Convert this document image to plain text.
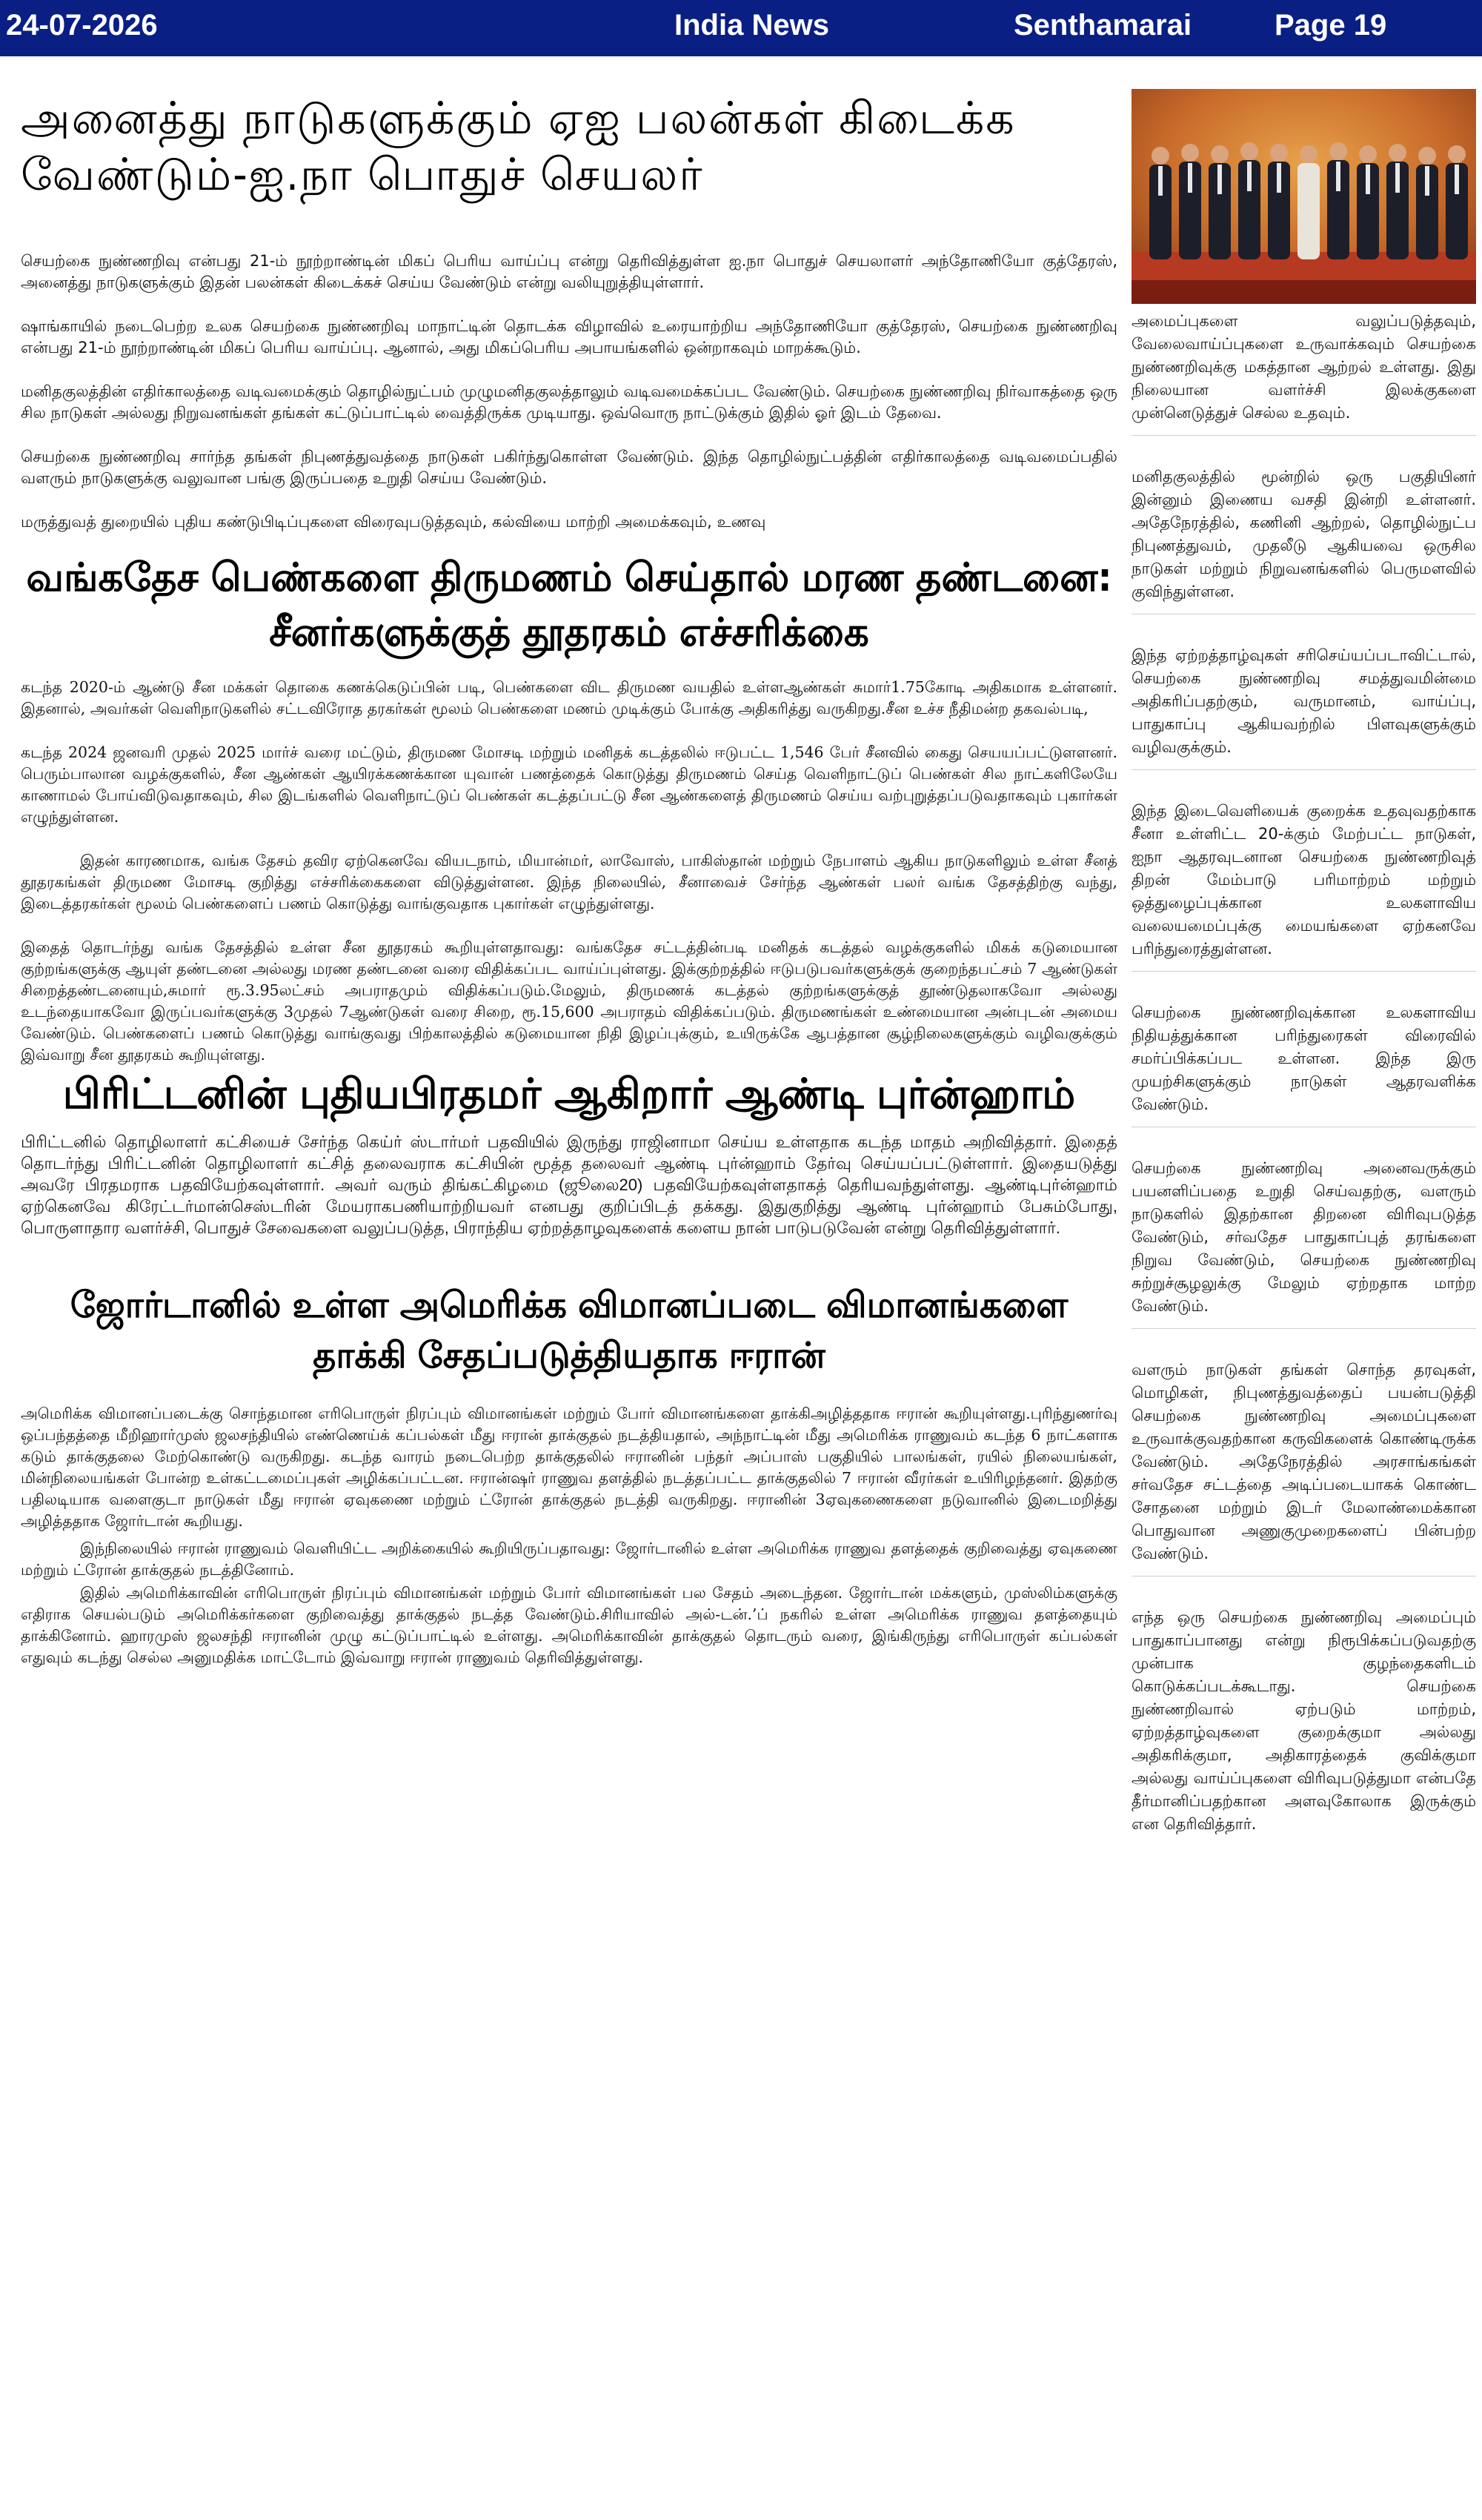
24-07-2026	India News	Senthamarai	Page 19
அனைத்து நாடுகளுக்கும் ஏஐ பலன்கள் கிடைக்க வேண்டும்-ஐ.நா பொதுச் செயலர்

செயற்கை நுண்ணறிவு என்பது 21-ம் நூற்றாண்டின் மிகப் பெரிய வாய்ப்பு என்று தெரிவித்துள்ள ஐ.நா பொதுச் செயலாளர் அந்தோணியோ குத்தேரஸ், அனைத்து நாடுகளுக்கும் இதன் பலன்கள் கிடைக்கச் செய்ய வேண்டும் என்று வலியுறுத்தியுள்ளார்.

ஷாங்காயில் நடைபெற்ற உலக செயற்கை நுண்ணறிவு மாநாட்டின் தொடக்க விழாவில் உரையாற்றிய அந்தோணியோ குத்தேரஸ், செயற்கை நுண்ணறிவு என்பது 21-ம் நூற்றாண்டின் மிகப் பெரிய வாய்ப்பு. ஆனால், அது மிகப்பெரிய அபாயங்களில் ஒன்றாகவும் மாறக்கூடும்.

மனிதகுலத்தின் எதிர்காலத்தை வடிவமைக்கும் தொழில்நுட்பம் முழுமனிதகுலத்தாலும் வடிவமைக்கப்பட வேண்டும். செயற்கை நுண்ணறிவு நிர்வாகத்தை ஒரு சில நாடுகள் அல்லது நிறுவனங்கள் தங்கள் கட்டுப்பாட்டில் வைத்திருக்க முடியாது. ஒவ்வொரு நாட்டுக்கும் இதில் ஓர் இடம் தேவை.

செயற்கை நுண்ணறிவு சார்ந்த தங்கள் நிபுணத்துவத்தை நாடுகள் பகிர்ந்துகொள்ள வேண்டும். இந்த தொழில்நுட்பத்தின் எதிர்காலத்தை வடிவமைப்பதில் வளரும் நாடுகளுக்கு வலுவான பங்கு இருப்பதை உறுதி செய்ய வேண்டும்.

மருத்துவத் துறையில் புதிய கண்டுபிடிப்புகளை விரைவுபடுத்தவும், கல்வியை மாற்றி அமைக்கவும், உணவு

வங்கதேச பெண்களை திருமணம் செய்தால் மரண தண்டனை: சீனர்களுக்குத் தூதரகம் எச்சரிக்கை

கடந்த 2020-ம் ஆண்டு சீன மக்கள் தொகை கணக்கெடுப்பின் படி, பெண்களை விட திருமண வயதில் உள்ளஆண்கள் சுமார்1.75கோடி அதிகமாக உள்ளனர். இதனால், அவர்கள் வெளிநாடுகளில் சட்டவிரோத தரகர்கள் மூலம் பெண்களை மணம் முடிக்கும் போக்கு அதிகரித்து வருகிறது.சீன உச்ச நீதிமன்ற தகவல்படி,

கடந்த 2024 ஜனவரி முதல் 2025 மார்ச் வரை மட்டும், திருமண மோசடி மற்றும் மனிதக் கடத்தலில் ஈடுபட்ட 1,546 பேர் சீனவில் கைது செயயப்பட்டுளளனர். பெரும்பாலான வழக்குகளில், சீன ஆண்கள் ஆயிரக்கணக்கான யுவான் பணத்தைக் கொடுத்து திருமணம் செய்த வெளிநாட்டுப் பெண்கள் சில நாட்களிலேயே காணாமல் போய்விடுவதாகவும், சில இடங்களில் வெளிநாட்டுப் பெண்கள் கடத்தப்பட்டு சீன ஆண்களைத் திருமணம் செய்ய வற்புறுத்தப்படுவதாகவும் புகார்கள் எழுந்துள்ளன.

இதன் காரணமாக, வங்க தேசம் தவிர ஏற்கெனவே வியடநாம், மியான்மர், லாவோஸ், பாகிஸ்தான் மற்றும் நேபாளம் ஆகிய நாடுகளிலும் உள்ள சீனத் தூதரகங்கள் திருமண மோசடி குறித்து எச்சரிக்கைகளை விடுத்துள்ளன. இந்த நிலையில், சீனாவைச் சேர்ந்த ஆண்கள் பலர் வங்க தேசத்திற்கு வந்து, இடைத்தரகர்கள் மூலம் பெண்களைப் பணம் கொடுத்து வாங்குவதாக புகார்கள் எழுந்துள்ளது.

இதைத் தொடர்ந்து வங்க தேசத்தில் உள்ள சீன தூதரகம் கூறியுள்ளதாவது: வங்கதேச சட்டத்தின்படி மனிதக் கடத்தல் வழக்குகளில் மிகக் கடுமையான குற்றங்களுக்கு ஆயுள் தண்டனை அல்லது மரண தண்டனை வரை விதிக்கப்பட வாய்ப்புள்ளது. இக்குற்றத்தில் ஈடுபடுபவர்களுக்குக் குறைந்தபட்சம் 7 ஆண்டுகள் சிறைத்தண்டனையும்,சுமார் ரூ.3.95லட்சம் அபராதமும் விதிக்கப்படும்.மேலும், திருமணக் கடத்தல் குற்றங்களுக்குத் தூண்டுதலாகவோ அல்லது உடந்தையாகவோ இருப்பவர்களுக்கு 3முதல் 7ஆண்டுகள் வரை சிறை, ரூ.15,600 அபராதம் விதிக்கப்படும். திருமணங்கள் உண்மையான அன்புடன் அமைய வேண்டும். பெண்களைப் பணம் கொடுத்து வாங்குவது பிற்காலத்தில் கடுமையான நிதி இழப்புக்கும், உயிருக்கே ஆபத்தான சூழ்நிலைகளுக்கும் வழிவகுக்கும் இவ்வாறு சீன தூதரகம் கூறியுள்ளது.

பிரிட்டனின் புதியபிரதமர் ஆகிறார் ஆண்டி புர்ன்ஹாம்

பிரிட்டனில் தொழிலாளர் கட்சியைச் சேர்ந்த கெய்ர் ஸ்டார்மர் பதவியில் இருந்து ராஜினாமா செய்ய உள்ளதாக கடந்த மாதம் அறிவித்தார். இதைத் தொடர்ந்து பிரிட்டனின் தொழிலாளர் கட்சித் தலைவராக கட்சியின் மூத்த தலைவர் ஆண்டி புர்ன்ஹாம் தேர்வு செய்யப்பட்டுள்ளார். இதையடுத்து அவரே பிரதமராக பதவியேற்கவுள்ளார். அவர் வரும் திங்கட்கிழமை (ஜூலை20) பதவியேற்கவுள்ளதாகத் தெரியவந்துள்ளது. ஆண்டிபுர்ன்ஹாம் ஏற்கெனவே கிரேட்டர்மான்செஸ்டரின் மேயராகபணியாற்றியவர் எனபது குறிப்பிடத் தக்கது. இதுகுறித்து ஆண்டி புர்ன்ஹாம் பேசும்போது, பொருளாதார வளர்ச்சி, பொதுச் சேவைகளை வலுப்படுத்த, பிராந்திய ஏற்றத்தாழவுகளைக் களைய நான் பாடுபடுவேன் என்று தெரிவித்துள்ளார்.

ஜோர்டானில் உள்ள அமெரிக்க விமானப்படை விமானங்களை தாக்கி சேதப்படுத்தியதாக ஈரான்

அமெரிக்க விமானப்படைக்கு சொந்தமான எரிபொருள் நிரப்பும் விமானங்கள் மற்றும் போர் விமானங்களை தாக்கிஅழித்ததாக ஈரான் கூறியுள்ளது.புரிந்துணர்வு ஒப்பந்தத்தை மீறிஹார்முஸ் ஜலசந்தியில் எண்ணெய்க் கப்பல்கள் மீது ஈரான் தாக்குதல் நடத்தியதால், அந்நாட்டின் மீது அமெரிக்க ராணுவம் கடந்த 6 நாட்களாக கடும் தாக்குதலை மேற்கொண்டு வருகிறது. கடந்த வாரம் நடைபெற்ற தாக்குதலில் ஈரானின் பந்தர் அப்பாஸ் பகுதியில் பாலங்கள், ரயில் நிலையங்கள், மின்நிலையங்கள் போன்ற உள்கட்டமைப்புகள் அழிக்கப்பட்டன. ஈரான்ஷர் ராணுவ தளத்தில் நடத்தப்பட்ட தாக்குதலில் 7 ஈரான் வீரர்கள் உயிரிழந்தனர். இதற்கு பதிலடியாக வளைகுடா நாடுகள் மீது ஈரான் ஏவுகணை மற்றும் ட்ரோன் தாக்குதல் நடத்தி வருகிறது. ஈரானின் 3ஏவுகணைகளை நடுவானில் இடைமறித்து அழித்ததாக ஜோர்டான் கூறியது.

இந்நிலையில் ஈரான் ராணுவம் வெளியிட்ட அறிக்கையில் கூறியிருப்பதாவது: ஜோர்டானில் உள்ள அமெரிக்க ராணுவ தளத்தைக் குறிவைத்து ஏவுகணை மற்றும் ட்ரோன் தாக்குதல் நடத்தினோம்.

இதில் அமெரிக்காவின் எரிபொருள் நிரப்பும் விமானங்கள் மற்றும் போர் விமானங்கள் பல சேதம் அடைந்தன. ஜோர்டான் மக்களும், முஸ்லிம்களுக்கு எதிராக செயல்படும் அமெரிக்கர்களை குறிவைத்து தாக்குதல் நடத்த வேண்டும்.சிரியாவில் அல்-டன்.’ப் நகரில் உள்ள அமெரிக்க ராணுவ தளத்தையும் தாக்கினோம். ஹாரமுஸ் ஜலசந்தி ஈரானின் முழு கட்டுப்பாட்டில் உள்ளது. அமெரிக்காவின் தாக்குதல் தொடரும் வரை, இங்கிருந்து எரிபொருள் கப்பல்கள் எதுவும் கடந்து செல்ல அனுமதிக்க மாட்டோம் இவ்வாறு ஈரான் ராணுவம் தெரிவித்துள்ளது.

அமைப்புகளை வலுப்படுத்தவும், வேலைவாய்ப்புகளை உருவாக்கவும் செயற்கை நுண்ணறிவுக்கு மகத்தான ஆற்றல் உள்ளது. இது நிலையான வளர்ச்சி இலக்குகளை முன்னெடுத்துச் செல்ல உதவும்.

மனிதகுலத்தில் மூன்றில் ஒரு பகுதியினர் இன்னும் இணைய வசதி இன்றி உள்ளனர். அதேநேரத்தில், கணினி ஆற்றல், தொழில்நுட்ப நிபுணத்துவம், முதலீடு ஆகியவை ஒருசில நாடுகள் மற்றும் நிறுவனங்களில் பெருமளவில் குவிந்துள்ளன.

இந்த ஏற்றத்தாழ்வுகள் சரிசெய்யப்படாவிட்டால், செயற்கை நுண்ணறிவு சமத்துவமின்மை அதிகரிப்பதற்கும், வருமானம், வாய்ப்பு, பாதுகாப்பு ஆகியவற்றில் பிளவுகளுக்கும் வழிவகுக்கும்.

இந்த இடைவெளியைக் குறைக்க உதவுவதற்காக சீனா உள்ளிட்ட 20-க்கும் மேற்பட்ட நாடுகள், ஐநா ஆதரவுடனான செயற்கை நுண்ணறிவுத் திறன் மேம்பாடு பரிமாற்றம் மற்றும் ஒத்துழைப்புக்கான உலகளாவிய வலையமைப்புக்கு மையங்களை ஏற்கனவே பரிந்துரைத்துள்ளன.

செயற்கை நுண்ணறிவுக்கான உலகளாவிய நிதியத்துக்கான பரிந்துரைகள் விரைவில் சமர்ப்பிக்கப்பட உள்ளன. இந்த இரு முயற்சிகளுக்கும் நாடுகள் ஆதரவளிக்க வேண்டும்.

செயற்கை நுண்ணறிவு அனைவருக்கும் பயனளிப்பதை உறுதி செய்வதற்கு, வளரும் நாடுகளில் இதற்கான திறனை விரிவுபடுத்த வேண்டும், சர்வதேச பாதுகாப்புத் தரங்களை நிறுவ வேண்டும், செயற்கை நுண்ணறிவு சுற்றுச்சூழலுக்கு மேலும் ஏற்றதாக மாற்ற வேண்டும்.

வளரும் நாடுகள் தங்கள் சொந்த தரவுகள், மொழிகள், நிபுணத்துவத்தைப் பயன்படுத்தி செயற்கை நுண்ணறிவு அமைப்புகளை உருவாக்குவதற்கான கருவிகளைக் கொண்டிருக்க வேண்டும். அதேநேரத்தில் அரசாங்கங்கள் சர்வதேச சட்டத்தை அடிப்படையாகக் கொண்ட சோதனை மற்றும் இடர் மேலாண்மைக்கான பொதுவான அணுகுமுறைகளைப் பின்பற்ற வேண்டும்.

எந்த ஒரு செயற்கை நுண்ணறிவு அமைப்பும் பாதுகாப்பானது என்று நிரூபிக்கப்படுவதற்கு முன்பாக குழந்தைகளிடம் கொடுக்கப்படக்கூடாது. செயற்கை நுண்ணறிவால் ஏற்படும் மாற்றம், ஏற்றத்தாழ்வுகளை குறைக்குமா அல்லது அதிகரிக்குமா, அதிகாரத்தைக் குவிக்குமா அல்லது வாய்ப்புகளை விரிவுபடுத்துமா என்பதே தீர்மானிப்பதற்கான அளவுகோலாக இருக்கும் என தெரிவித்தார்.
